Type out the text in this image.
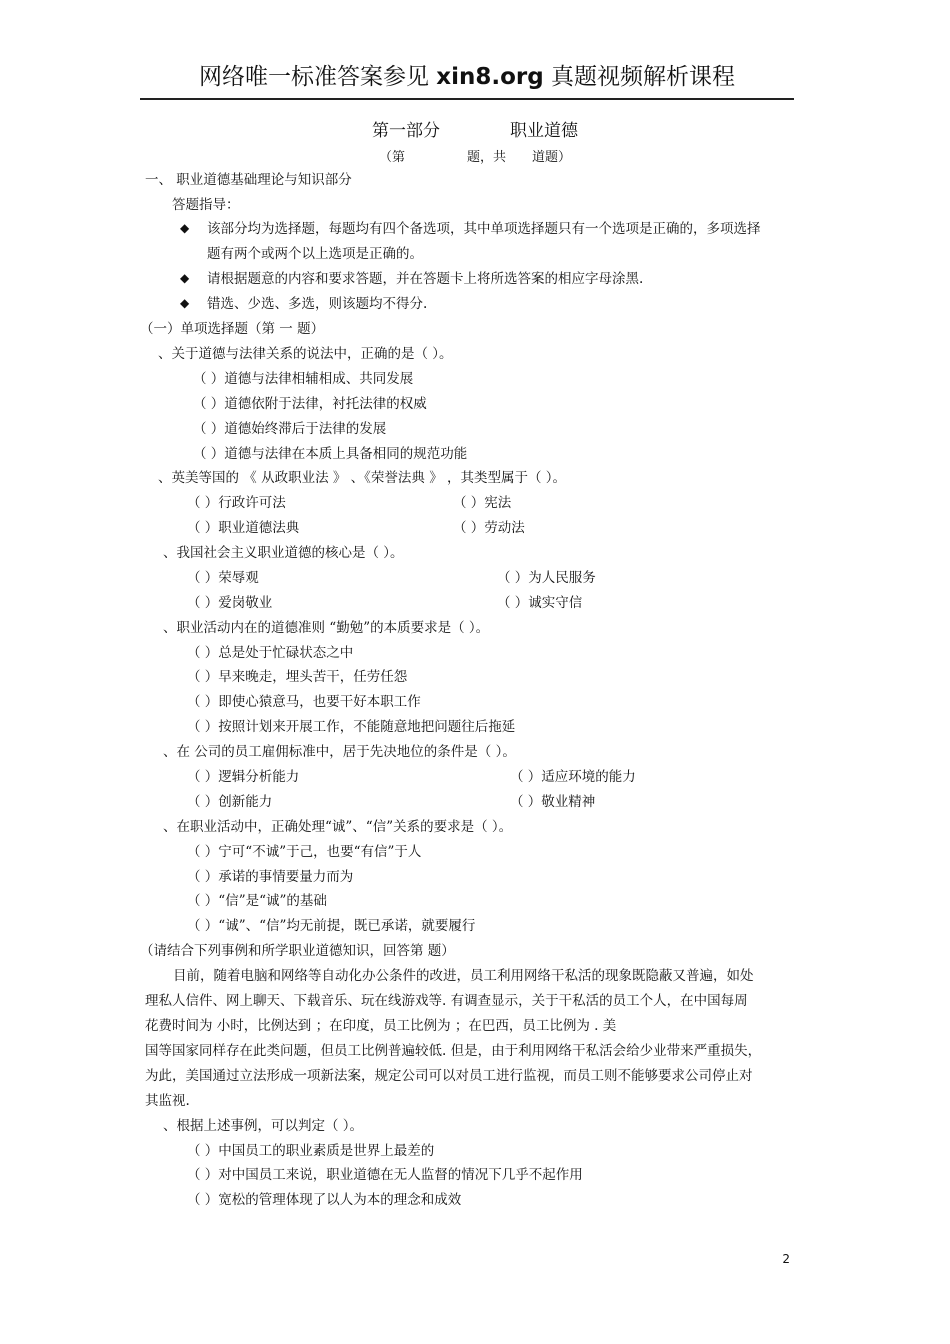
网络唯一标准答案参见 xin8.org 真题视频解析课程
第一部分	职业道德
（第	题，共 道题）
一、 职业道德基础理论与知识部分
答题指导：
◆ 该部分均为选择题，每题均有四个备选项，其中单项选择题只有一个选项是正确的，多项选择
题有两个或两个以上选项是正确的。
◆ 请根据题意的内容和要求答题，并在答题卡上将所选答案的相应字母涂黑.
◆ 错选、少选、多选，则该题均不得分.
（一）单项选择题（第 一 题）
、关于道德与法律关系的说法中，正确的是（ ）。
（ ）道德与法律相辅相成、共同发展
（ ）道德依附于法律，衬托法律的权威
（ ）道德始终滞后于法律的发展
（ ）道德与法律在本质上具备相同的规范功能
、英美等国的 《 从政职业法 》 、《荣誉法典 》 ，其类型属于（ ）。
（ ）行政许可法	（ ）宪法
（ ）职业道德法典	（ ）劳动法
、我国社会主义职业道德的核心是（ ）。
（ ）荣辱观	（ ）为人民服务
（ ）爱岗敬业	（ ）诚实守信
、职业活动内在的道德准则 “勤勉”的本质要求是（ ）。
（ ）总是处于忙碌状态之中
（ ）早来晚走，埋头苦干，任劳任怨
（ ）即使心猿意马，也要干好本职工作
（ ）按照计划来开展工作，不能随意地把问题往后拖延
、在 公司的员工雇佣标准中，居于先决地位的条件是（ ）。
（ ）逻辑分析能力	（ ）适应环境的能力
（ ）创新能力	（ ）敬业精神
、在职业活动中，正确处理“诚”、“信”关系的要求是（ ）。
（ ）宁可“不诚”于己，也要“有信”于人
（ ）承诺的事情要量力而为
（ ）“信”是“诚”的基础
（ ）“诚”、“信”均无前提，既已承诺，就要履行
（请结合下列事例和所学职业道德知识，回答第 题）
目前，随着电脑和网络等自动化办公条件的改进，员工利用网络干私活的现象既隐蔽又普遍，如处
理私人信件、网上聊天、下载音乐、玩在线游戏等. 有调查显示，关于干私活的员工个人，在中国每周
花费时间为 小时，比例达到 ；在印度，员工比例为 ；在巴西，员工比例为 . 美
国等国家同样存在此类问题，但员工比例普遍较低. 但是，由于利用网络干私活会给少业带来严重损失，
为此，美国通过立法形成一项新法案，规定公司可以对员工进行监视，而员工则不能够要求公司停止对
其监视.
、根据上述事例，可以判定（ ）。
（ ）中国员工的职业素质是世界上最差的
（ ）对中国员工来说，职业道德在无人监督的情况下几乎不起作用
（ ）宽松的管理体现了以人为本的理念和成效
2
